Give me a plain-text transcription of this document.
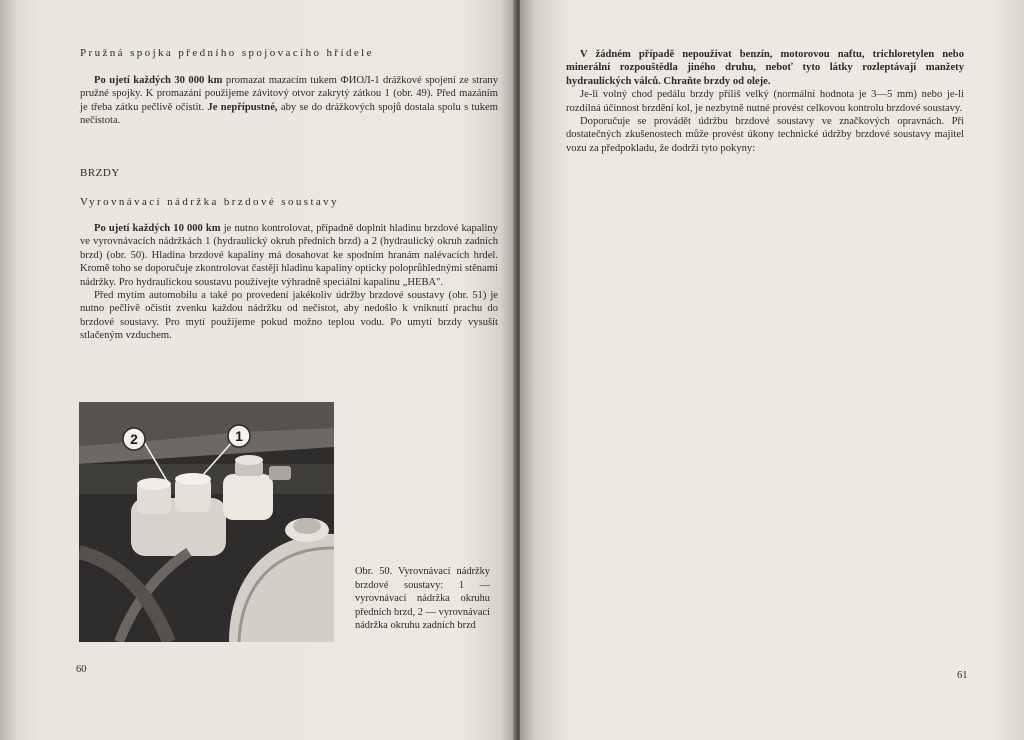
Pružná spojka předního spojovacího hřídele

Po ujetí každých 30 000 km promazat mazacím tukem ФИОЛ-1 drážkové spojení ze strany pružné spojky. K promazání použijeme závitový otvor zakrytý zátkou 1 (obr. 49). Před mazáním je třeba zátku pečlivě očistit. Je nepřípustné, aby se do drážkových spojů dostala spolu s tukem nečistota.

BRZDY
Vyrovnávací nádržka brzdové soustavy

Po ujetí každých 10 000 km je nutno kontrolovat, případně doplnit hladinu brzdové kapaliny ve vyrovnávacích nádržkách 1 (hydraulický okruh předních brzd) a 2 (hydraulický okruh zadních brzd) (obr. 50). Hladina brzdové kapaliny má dosahovat ke spodním hranám nalévacích hrdel. Kromě toho se doporučuje zkontrolovat častěji hladinu kapaliny opticky poloprůhlednými stěnami nádržky. Pro hydraulickou soustavu používejte výhradně speciální kapalinu „HEBA".

Před mytím automobilu a také po provedení jakékoliv údržby brzdové soustavy (obr. 51) je nutno pečlivě očistit zvenku každou nádržku od nečistot, aby nedošlo k vniknutí prachu do brzdové soustavy. Pro mytí použijeme pokud možno teplou vodu. Po umytí brzdy vysušit stlačeným vzduchem.

2	1
Obr. 50. Vyrovnávací nádržky brzdové soustavy: 1 — vyrovnávací nádržka okruhu předních brzd, 2 — vyrovnávací nádržka okruhu zadních brzd
60

V žádném případě nepoužívat benzín, motorovou naftu, trichloretylen nebo minerální rozpouštědla jiného druhu, neboť tyto látky rozleptávají manžety hydraulických válců. Chraňte brzdy od oleje.

Je-li volný chod pedálu brzdy příliš velký (normální hodnota je 3—5 mm) nebo je-li rozdílná účinnost brzdění kol, je nezbytně nutné provést celkovou kontrolu brzdové soustavy.

Doporučuje se provádět údržbu brzdové soustavy ve značkových opravnách. Při dostatečných zkušenostech může provést úkony technické údržby brzdové soustavy majitel vozu za předpokladu, že dodrží tyto pokyny:

61
